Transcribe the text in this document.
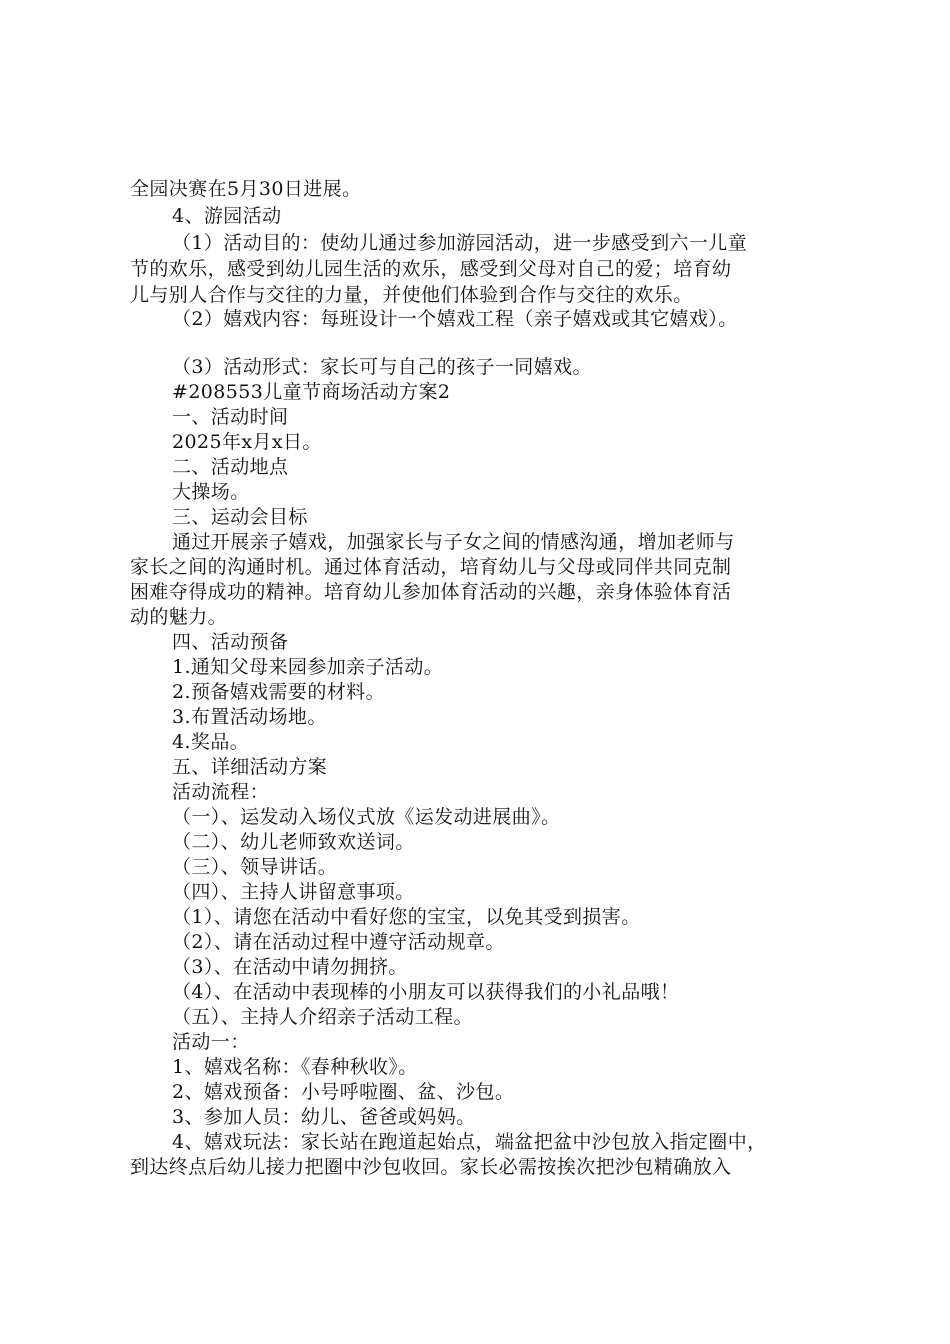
全园决赛在5月30日进展。
4、游园活动
（1）活动目的：使幼儿通过参加游园活动，进一步感受到六一儿童
节的欢乐，感受到幼儿园生活的欢乐，感受到父母对自己的爱；培育幼
儿与别人合作与交往的力量，并使他们体验到合作与交往的欢乐。
（2）嬉戏内容：每班设计一个嬉戏工程（亲子嬉戏或其它嬉戏）。
（3）活动形式：家长可与自己的孩子一同嬉戏。
#208553儿童节商场活动方案2
一、活动时间
2025年x月x日。
二、活动地点
大操场。
三、运动会目标
通过开展亲子嬉戏，加强家长与子女之间的情感沟通，增加老师与
家长之间的沟通时机。通过体育活动，培育幼儿与父母或同伴共同克制
困难夺得成功的精神。培育幼儿参加体育活动的兴趣，亲身体验体育活
动的魅力。
四、活动预备
1.通知父母来园参加亲子活动。
2.预备嬉戏需要的材料。
3.布置活动场地。
4.奖品。
五、详细活动方案
活动流程：
（一）、运发动入场仪式放《运发动进展曲》。
（二）、幼儿老师致欢送词。
（三）、领导讲话。
（四）、主持人讲留意事项。
（1）、请您在活动中看好您的宝宝，以免其受到损害。
（2）、请在活动过程中遵守活动规章。
（3）、在活动中请勿拥挤。
（4）、在活动中表现棒的小朋友可以获得我们的小礼品哦！
（五）、主持人介绍亲子活动工程。
活动一：
1、嬉戏名称：《春种秋收》。
2、嬉戏预备：小号呼啦圈、盆、沙包。
3、参加人员：幼儿、爸爸或妈妈。
4、嬉戏玩法：家长站在跑道起始点，端盆把盆中沙包放入指定圈中，
到达终点后幼儿接力把圈中沙包收回。家长必需按挨次把沙包精确放入
